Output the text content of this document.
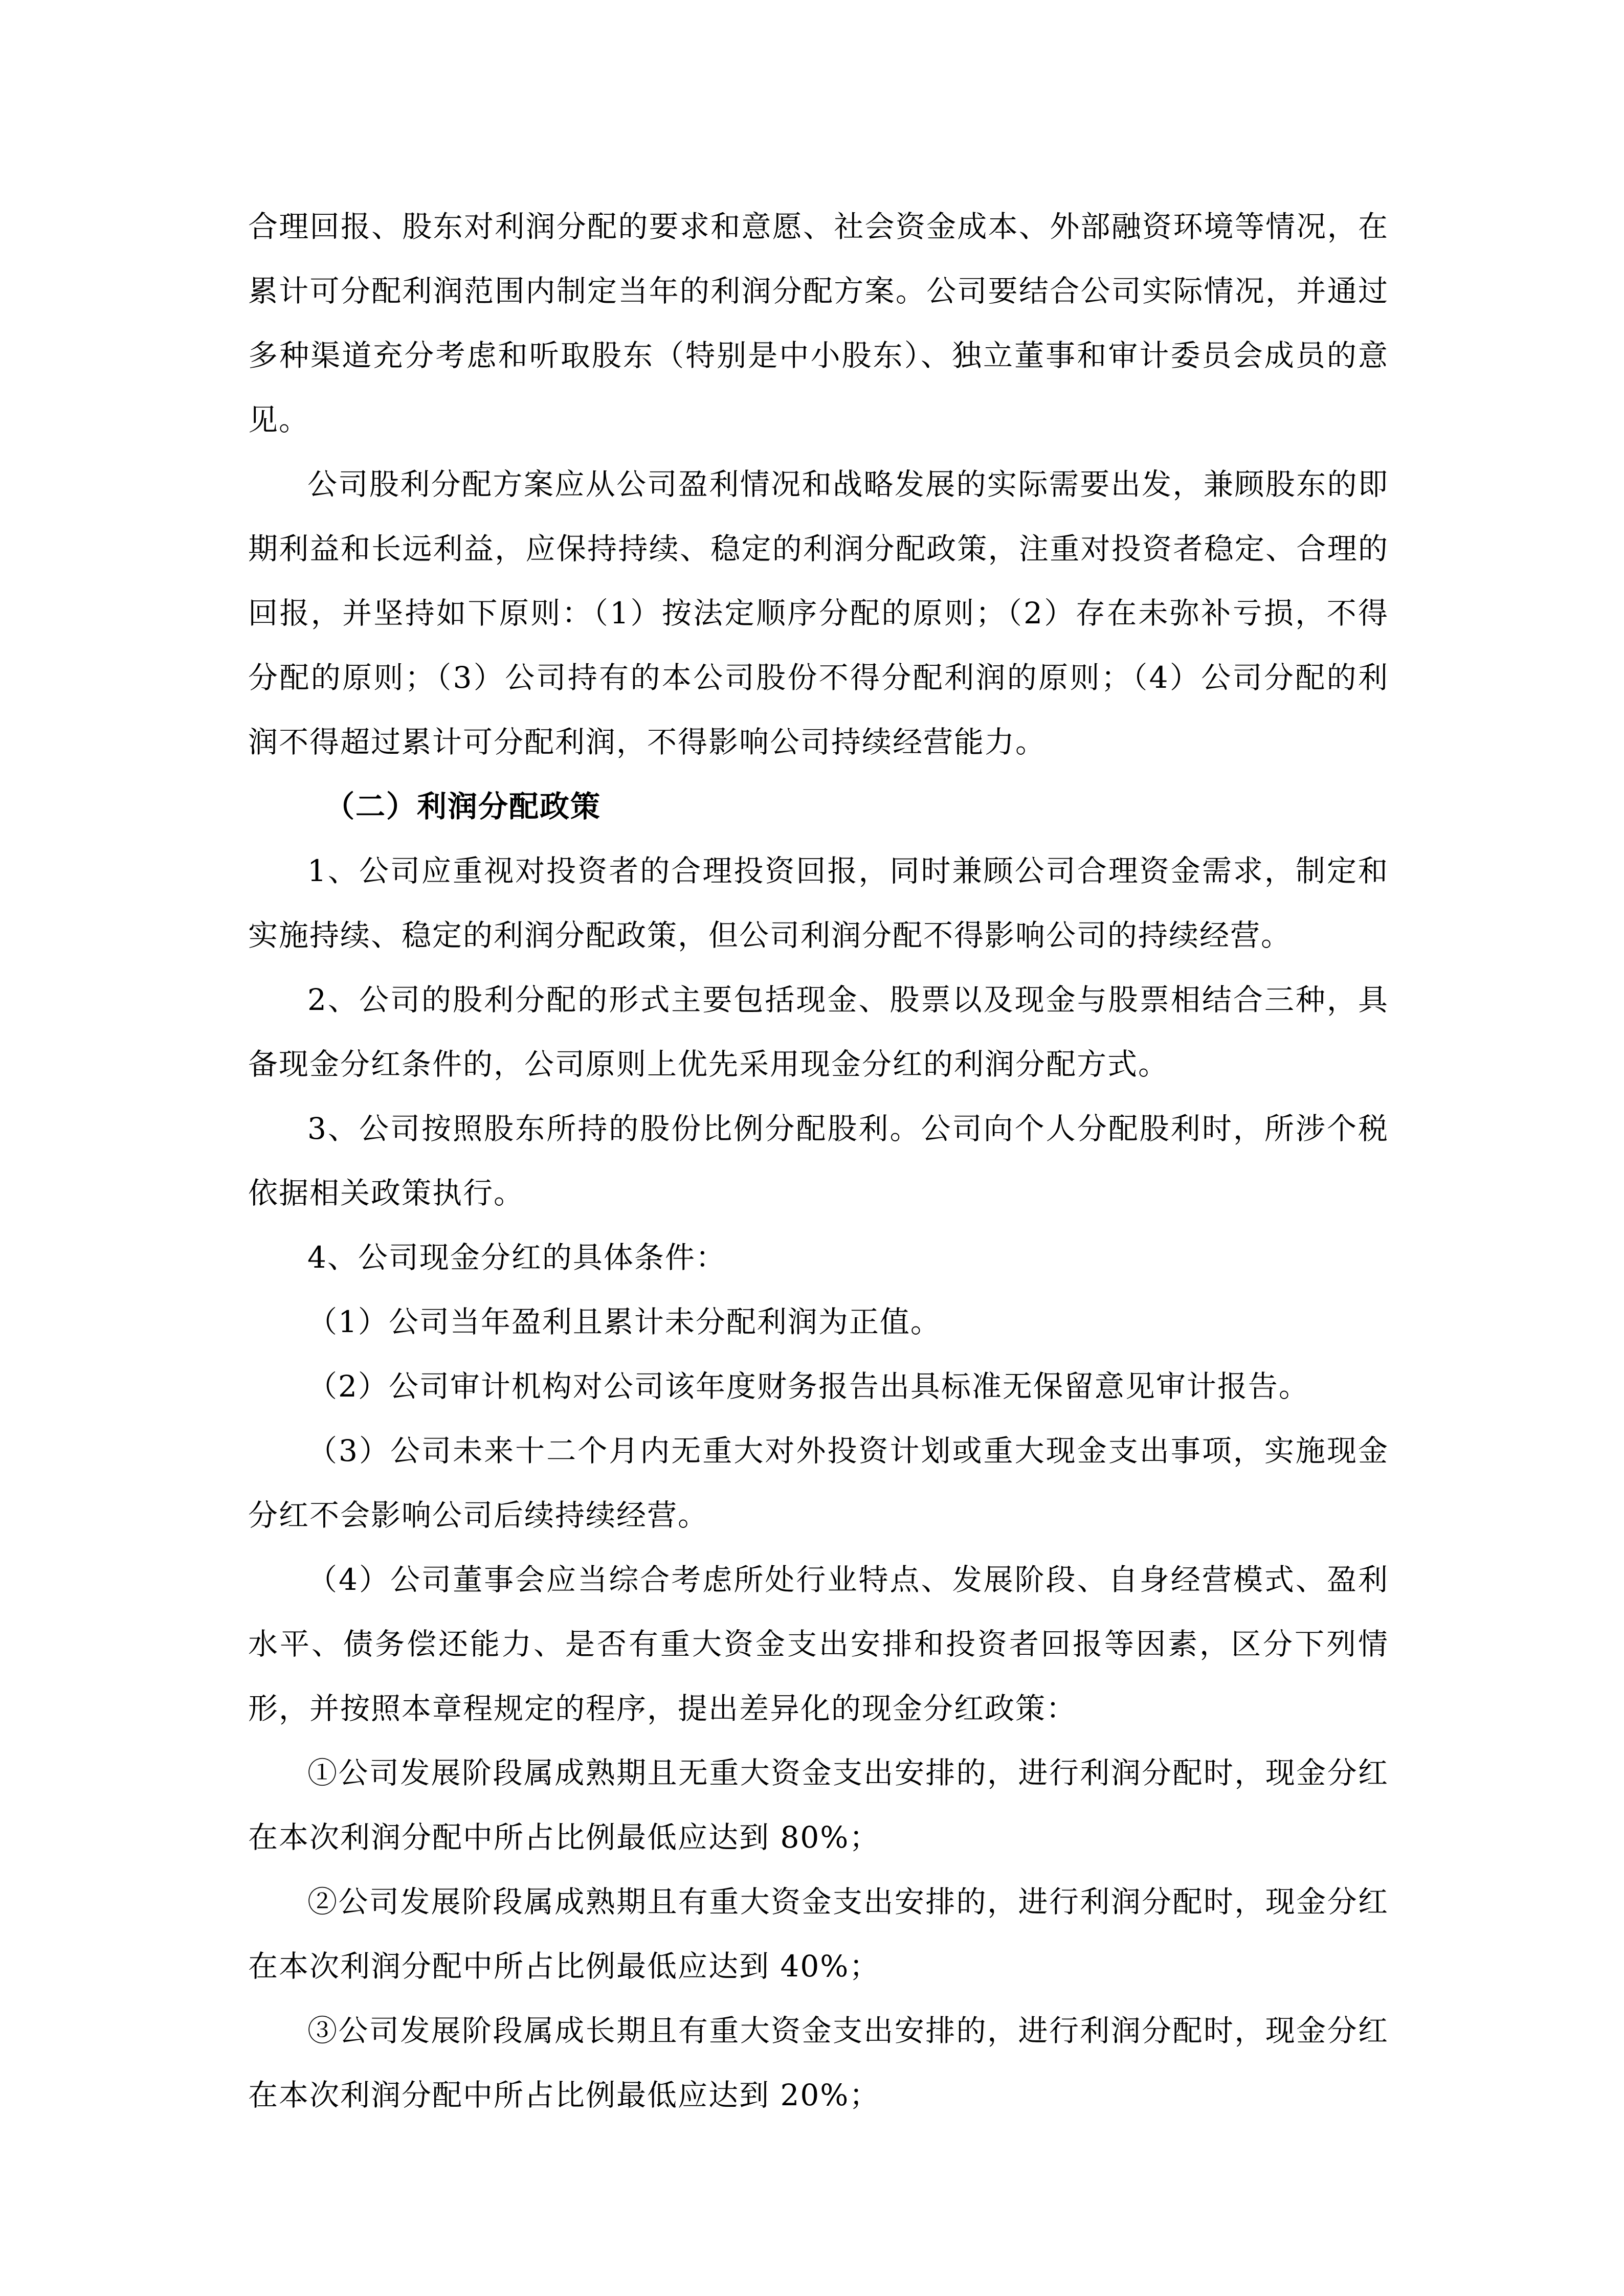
合理回报、股东对利润分配的要求和意愿、社会资金成本、外部融资环境等情况，在累计可分配利润范围内制定当年的利润分配方案。公司要结合公司实际情况，并通过多种渠道充分考虑和听取股东（特别是中小股东）、独立董事和审计委员会成员的意见。

公司股利分配方案应从公司盈利情况和战略发展的实际需要出发，兼顾股东的即期利益和长远利益，应保持持续、稳定的利润分配政策，注重对投资者稳定、合理的回报，并坚持如下原则：（1）按法定顺序分配的原则；（2）存在未弥补亏损，不得分配的原则；（3）公司持有的本公司股份不得分配利润的原则；（4）公司分配的利润不得超过累计可分配利润，不得影响公司持续经营能力。

（二）利润分配政策

1、公司应重视对投资者的合理投资回报，同时兼顾公司合理资金需求，制定和实施持续、稳定的利润分配政策，但公司利润分配不得影响公司的持续经营。

2、公司的股利分配的形式主要包括现金、股票以及现金与股票相结合三种，具备现金分红条件的，公司原则上优先采用现金分红的利润分配方式。

3、公司按照股东所持的股份比例分配股利。公司向个人分配股利时，所涉个税依据相关政策执行。

4、公司现金分红的具体条件：

（1）公司当年盈利且累计未分配利润为正值。

（2）公司审计机构对公司该年度财务报告出具标准无保留意见审计报告。

（3）公司未来十二个月内无重大对外投资计划或重大现金支出事项，实施现金分红不会影响公司后续持续经营。

（4）公司董事会应当综合考虑所处行业特点、发展阶段、自身经营模式、盈利水平、债务偿还能力、是否有重大资金支出安排和投资者回报等因素，区分下列情形，并按照本章程规定的程序，提出差异化的现金分红政策：

①公司发展阶段属成熟期且无重大资金支出安排的，进行利润分配时，现金分红在本次利润分配中所占比例最低应达到 80%；

②公司发展阶段属成熟期且有重大资金支出安排的，进行利润分配时，现金分红在本次利润分配中所占比例最低应达到 40%；

③公司发展阶段属成长期且有重大资金支出安排的，进行利润分配时，现金分红在本次利润分配中所占比例最低应达到 20%；
